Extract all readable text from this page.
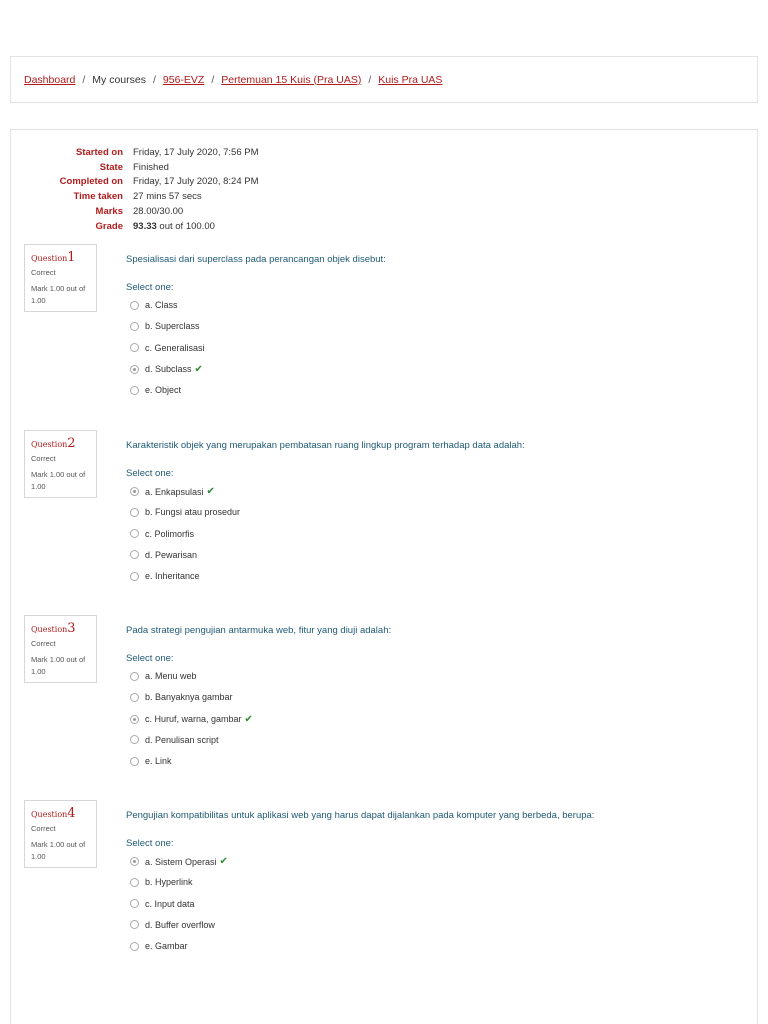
Dashboard / My courses / 956-EVZ / Pertemuan 15 Kuis (Pra UAS) / Kuis Pra UAS
Started on Friday, 17 July 2020, 7:56 PM
State Finished
Completed on Friday, 17 July 2020, 8:24 PM
Time taken 27 mins 57 secs
Marks 28.00/30.00
Grade 93.33 out of 100.00
Question1
Correct
Mark 1.00 out of 1.00
Spesialisasi dari superclass pada perancangan objek disebut:
Select one:
a. Class
b. Superclass
c. Generalisasi
d. Subclass ✔
e. Object
Question2
Correct
Mark 1.00 out of 1.00
Karakteristik objek yang merupakan pembatasan ruang lingkup program terhadap data adalah:
Select one:
a. Enkapsulasi ✔
b. Fungsi atau prosedur
c. Polimorfis
d. Pewarisan
e. Inheritance
Question3
Correct
Mark 1.00 out of 1.00
Pada strategi pengujian antarmuka web, fitur yang diuji adalah:
Select one:
a. Menu web
b. Banyaknya gambar
c. Huruf, warna, gambar ✔
d. Penulisan script
e. Link
Question4
Correct
Mark 1.00 out of 1.00
Pengujian kompatibilitas untuk aplikasi web yang harus dapat dijalankan pada komputer yang berbeda, berupa:
Select one:
a. Sistem Operasi ✔
b. Hyperlink
c. Input data
d. Buffer overflow
e. Gambar
